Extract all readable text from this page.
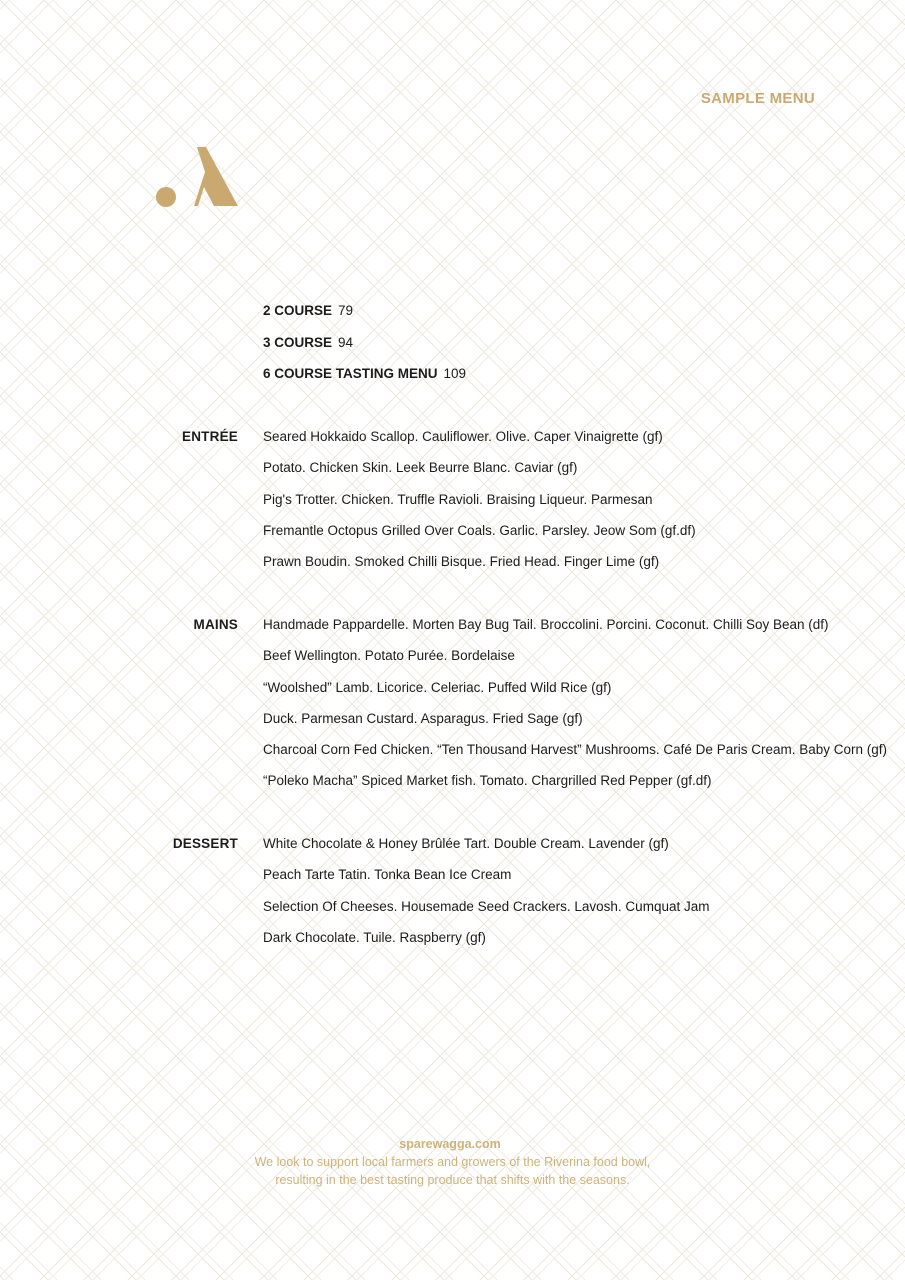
SAMPLE MENU
2 COURSE 79
3 COURSE 94
6 COURSE TASTING MENU 109
ENTRÉE Seared Hokkaido Scallop. Cauliflower. Olive. Caper Vinaigrette (gf)
Potato. Chicken Skin. Leek Beurre Blanc. Caviar (gf)
Pig's Trotter. Chicken. Truffle Ravioli. Braising Liqueur. Parmesan
Fremantle Octopus Grilled Over Coals. Garlic. Parsley. Jeow Som (gf.df)
Prawn Boudin. Smoked Chilli Bisque. Fried Head. Finger Lime (gf)
MAINS Handmade Pappardelle. Morten Bay Bug Tail. Broccolini. Porcini. Coconut. Chilli Soy Bean (df)
Beef Wellington. Potato Purée. Bordelaise
“Woolshed” Lamb. Licorice. Celeriac. Puffed Wild Rice (gf)
Duck. Parmesan Custard. Asparagus. Fried Sage (gf)
Charcoal Corn Fed Chicken. “Ten Thousand Harvest” Mushrooms. Café De Paris Cream. Baby Corn (gf)
“Poleko Macha” Spiced Market fish. Tomato. Chargrilled Red Pepper (gf.df)
DESSERT White Chocolate & Honey Brûlée Tart. Double Cream. Lavender (gf)
Peach Tarte Tatin. Tonka Bean Ice Cream
Selection Of Cheeses. Housemade Seed Crackers. Lavosh. Cumquat Jam
Dark Chocolate. Tuile. Raspberry (gf)
sparewagga.com
We look to support local farmers and growers of the Riverina food bowl,
resulting in the best tasting produce that shifts with the seasons.
